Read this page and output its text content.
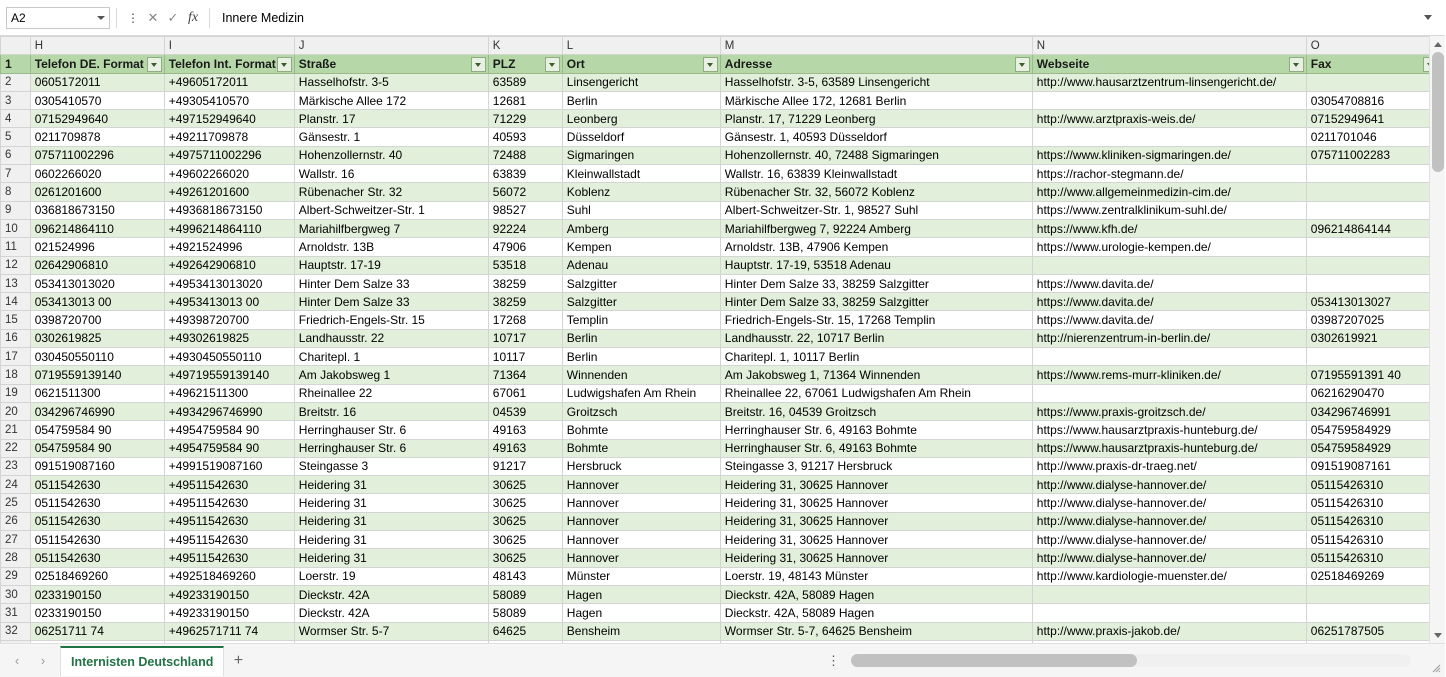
A2	⋮ ✕ ✓ fx	Innere Medizin
	H	I	J	K	L	M	N	O
1	Telefon DE. Format	Telefon Int. Format	Straße	PLZ	Ort	Adresse	Webseite	Fax

2	0605172011	+49605172011	Hasselhofstr. 3-5	63589	Linsengericht	Hasselhofstr. 3-5, 63589 Linsengericht	http://www.hausarztzentrum-linsengericht.de/	
3	0305410570	+49305410570	Märkische Allee 172	12681	Berlin	Märkische Allee 172, 12681 Berlin		03054708816
4	07152949640	+497152949640	Planstr. 17	71229	Leonberg	Planstr. 17, 71229 Leonberg	http://www.arztpraxis-weis.de/	07152949641
5	0211709878	+49211709878	Gänsestr. 1	40593	Düsseldorf	Gänsestr. 1, 40593 Düsseldorf		0211701046
6	075711002296	+4975711002296	Hohenzollernstr. 40	72488	Sigmaringen	Hohenzollernstr. 40, 72488 Sigmaringen	https://www.kliniken-sigmaringen.de/	075711002283
7	0602266020	+49602266020	Wallstr. 16	63839	Kleinwallstadt	Wallstr. 16, 63839 Kleinwallstadt	https://rachor-stegmann.de/	
8	0261201600	+49261201600	Rübenacher Str. 32	56072	Koblenz	Rübenacher Str. 32, 56072 Koblenz	http://www.allgemeinmedizin-cim.de/	
9	036818673150	+4936818673150	Albert-Schweitzer-Str. 1	98527	Suhl	Albert-Schweitzer-Str. 1, 98527 Suhl	https://www.zentralklinikum-suhl.de/	
10	096214864110	+4996214864110	Mariahilfbergweg 7	92224	Amberg	Mariahilfbergweg 7, 92224 Amberg	https://www.kfh.de/	096214864144
11	021524996	+4921524996	Arnoldstr. 13B	47906	Kempen	Arnoldstr. 13B, 47906 Kempen	https://www.urologie-kempen.de/	
12	02642906810	+492642906810	Hauptstr. 17-19	53518	Adenau	Hauptstr. 17-19, 53518 Adenau		
13	053413013020	+4953413013020	Hinter Dem Salze 33	38259	Salzgitter	Hinter Dem Salze 33, 38259 Salzgitter	https://www.davita.de/	
14	053413013 00	+4953413013 00	Hinter Dem Salze 33	38259	Salzgitter	Hinter Dem Salze 33, 38259 Salzgitter	https://www.davita.de/	053413013027
15	0398720700	+49398720700	Friedrich-Engels-Str. 15	17268	Templin	Friedrich-Engels-Str. 15, 17268 Templin	https://www.davita.de/	03987207025
16	0302619825	+49302619825	Landhausstr. 22	10717	Berlin	Landhausstr. 22, 10717 Berlin	http://nierenzentrum-in-berlin.de/	0302619921
17	030450550110	+4930450550110	Charitepl. 1	10117	Berlin	Charitepl. 1, 10117 Berlin		
18	0719559139140	+49719559139140	Am Jakobsweg 1	71364	Winnenden	Am Jakobsweg 1, 71364 Winnenden	https://www.rems-murr-kliniken.de/	07195591391 40
19	0621511300	+49621511300	Rheinallee 22	67061	Ludwigshafen Am Rhein	Rheinallee 22, 67061 Ludwigshafen Am Rhein		06216290470
20	034296746990	+4934296746990	Breitstr. 16	04539	Groitzsch	Breitstr. 16, 04539 Groitzsch	https://www.praxis-groitzsch.de/	034296746991
21	054759584 90	+4954759584 90	Herringhauser Str. 6	49163	Bohmte	Herringhauser Str. 6, 49163 Bohmte	https://www.hausarztpraxis-hunteburg.de/	054759584929
22	054759584 90	+4954759584 90	Herringhauser Str. 6	49163	Bohmte	Herringhauser Str. 6, 49163 Bohmte	https://www.hausarztpraxis-hunteburg.de/	054759584929
23	091519087160	+4991519087160	Steingasse 3	91217	Hersbruck	Steingasse 3, 91217 Hersbruck	http://www.praxis-dr-traeg.net/	091519087161
24	0511542630	+49511542630	Heidering 31	30625	Hannover	Heidering 31, 30625 Hannover	http://www.dialyse-hannover.de/	05115426310
25	0511542630	+49511542630	Heidering 31	30625	Hannover	Heidering 31, 30625 Hannover	http://www.dialyse-hannover.de/	05115426310
26	0511542630	+49511542630	Heidering 31	30625	Hannover	Heidering 31, 30625 Hannover	http://www.dialyse-hannover.de/	05115426310
27	0511542630	+49511542630	Heidering 31	30625	Hannover	Heidering 31, 30625 Hannover	http://www.dialyse-hannover.de/	05115426310
28	0511542630	+49511542630	Heidering 31	30625	Hannover	Heidering 31, 30625 Hannover	http://www.dialyse-hannover.de/	05115426310
29	02518469260	+492518469260	Loerstr. 19	48143	Münster	Loerstr. 19, 48143 Münster	http://www.kardiologie-muenster.de/	02518469269
30	0233190150	+49233190150	Dieckstr. 42A	58089	Hagen	Dieckstr. 42A, 58089 Hagen		
31	0233190150	+49233190150	Dieckstr. 42A	58089	Hagen	Dieckstr. 42A, 58089 Hagen		
32	06251711 74	+4962571711 74	Wormser Str. 5-7	64625	Bensheim	Wormser Str. 5-7, 64625 Bensheim	http://www.praxis-jakob.de/	06251787505

‹	›	Internisten Deutschland	+	⋮
